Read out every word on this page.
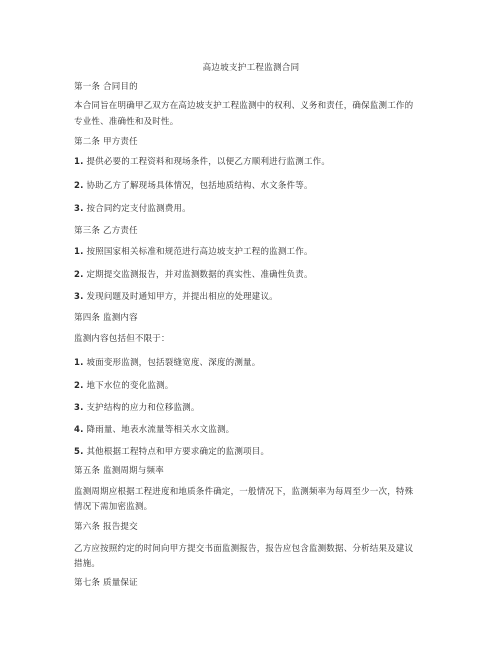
高边坡支护工程监测合同
第一条 合同目的
本合同旨在明确甲乙双方在高边坡支护工程监测中的权利、义务和责任，确保监测工作的
专业性、准确性和及时性。
第二条 甲方责任
1. 提供必要的工程资料和现场条件，以便乙方顺利进行监测工作。
2. 协助乙方了解现场具体情况，包括地质结构、水文条件等。
3. 按合同约定支付监测费用。
第三条 乙方责任
1. 按照国家相关标准和规范进行高边坡支护工程的监测工作。
2. 定期提交监测报告，并对监测数据的真实性、准确性负责。
3. 发现问题及时通知甲方，并提出相应的处理建议。
第四条 监测内容
监测内容包括但不限于：
1. 坡面变形监测，包括裂缝宽度、深度的测量。
2. 地下水位的变化监测。
3. 支护结构的应力和位移监测。
4. 降雨量、地表水流量等相关水文监测。
5. 其他根据工程特点和甲方要求确定的监测项目。
第五条 监测周期与频率
监测周期应根据工程进度和地质条件确定，一般情况下，监测频率为每周至少一次，特殊
情况下需加密监测。
第六条 报告提交
乙方应按照约定的时间向甲方提交书面监测报告，报告应包含监测数据、分析结果及建议
措施。
第七条 质量保证
